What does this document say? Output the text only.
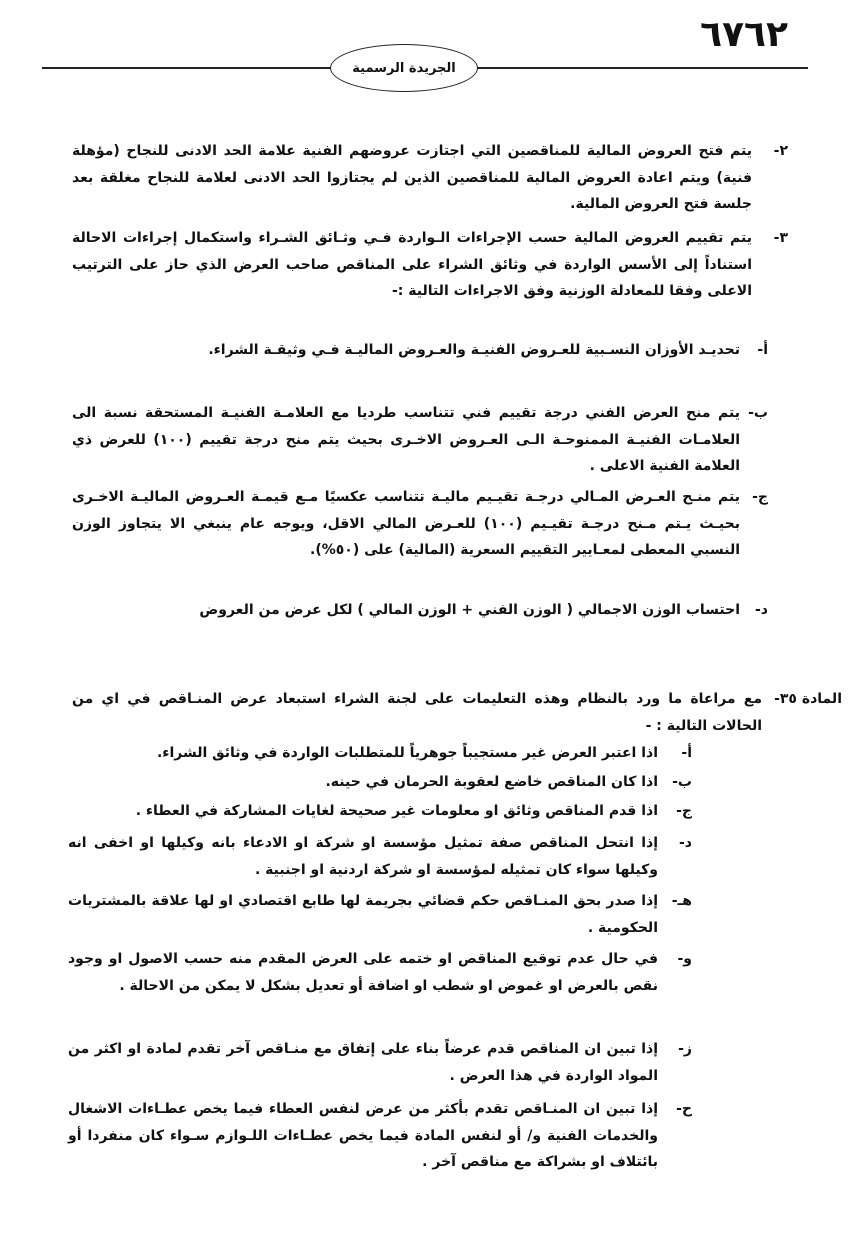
٦٧٦٢
الجريدة الرسمية
٢-
يتم فتح العروض المالية للمناقصين التي اجتازت عروضهم الفنية علامة الحد الادنى للنجاح (مؤهلة فنية) ويتم اعادة العروض المالية للمناقصين الذين لم يجتازوا الحد الادنى لعلامة للنجاح مغلقة بعد جلسة فتح العروض المالية.
٣-
يتم تقييم العروض المالية حسب الإجراءات الـواردة فـي وثـائق الشـراء واستكمال إجراءات الاحالة استناداً إلى الأسس الواردة في وثائق الشراء على المناقص صاحب العرض الذي حاز على الترتيب الاعلى وفقا للمعادلة الوزنية وفق الاجراءات التالية :-
أ-
تحديـد الأوزان النسـبية للعـروض الفنيـة والعـروض الماليـة فـي وثيقـة الشراء.
ب-
يتم منح العرض الفني درجة تقييم فني تتناسب طرديا مع العلامـة الفنيـة المستحقة نسبة الى العلامـات الفنيـة الممنوحـة الـى العـروض الاخـرى بحيث يتم منح درجة تقييم (١٠٠) للعرض ذي العلامة الفنية الاعلى .
ج-
يتم منـح العـرض المـالي درجـة تقيـيم ماليـة تتناسب عكسيًا مـع قيمـة العـروض الماليـة الاخـرى بحيـث يـتم مـنح درجـة تقيـيم (١٠٠) للعـرض المالي الاقل، ويوجه عام ينبغي الا يتجاوز الوزن النسبي المعطى لمعـايير التقييم السعرية (المالية) على (٥٠%).
د-
احتساب الوزن الاجمالي ( الوزن الفني + الوزن المالي ) لكل عرض من العروض
المادة ٣٥-
مع مراعاة ما ورد بالنظام وهذه التعليمات على لجنة الشراء استبعاد عرض المنـاقص في اي من الحالات التالية : -
أ-
اذا اعتبر العرض غير مستجيباً جوهرياً للمتطلبات الواردة في وثائق الشراء.
ب-
اذا كان المناقص خاضع لعقوبة الحرمان في حينه.
ج-
اذا قدم المناقص وثائق او معلومات غير صحيحة لغايات المشاركة في العطاء .
د-
إذا انتحل المناقص صفة تمثيل مؤسسة او شركة او الادعاء بانه وكيلها او اخفى انه وكيلها سواء كان تمثيله لمؤسسة او شركة اردنية او اجنبية .
هـ-
إذا صدر بحق المنـاقص حكم قضائي بجريمة لها طابع اقتصادي او لها علاقة بالمشتريات الحكومية .
و-
في حال عدم توقيع المناقص او ختمه على العرض المقدم منه حسب الاصول او وجود نقص بالعرض او غموض او شطب او اضافة أو تعديل بشكل لا يمكن من الاحالة .
ز-
إذا تبين ان المناقص قدم عرضاً بناء على إتفاق مع منـاقص آخر تقدم لمادة او اكثر من المواد الواردة في هذا العرض .
ح-
إذا تبين ان المنـاقص تقدم بأكثر من عرض لنفس العطاء فيما يخص عطـاءات الاشغال والخدمات الفنية و/ أو لنفس المادة فيما يخص عطـاءات اللـوازم سـواء كان منفردا أو بائتلاف او بشراكة مع مناقص آخر .
